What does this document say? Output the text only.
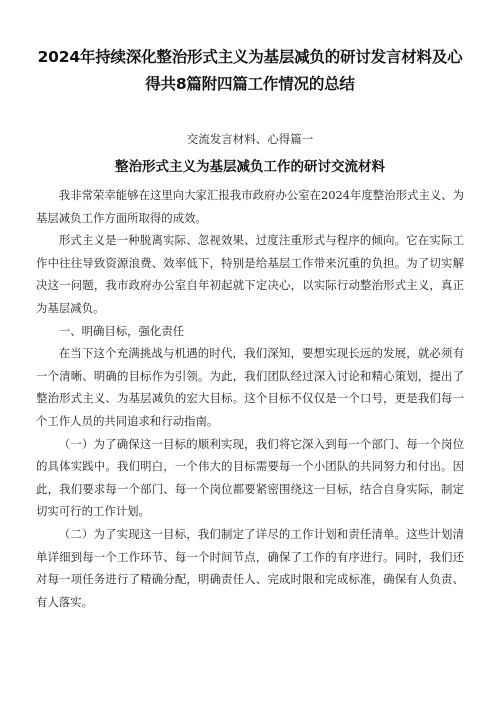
2024年持续深化整治形式主义为基层减负的研讨发言材料及心得共8篇附四篇工作情况的总结
交流发言材料、心得篇一
整治形式主义为基层减负工作的研讨交流材料

我非常荣幸能够在这里向大家汇报我市政府办公室在2024年度整治形式主义、为基层减负工作方面所取得的成效。

形式主义是一种脱离实际、忽视效果、过度注重形式与程序的倾向。它在实际工作中往往导致资源浪费、效率低下，特别是给基层工作带来沉重的负担。为了切实解决这一问题，我市政府办公室自年初起就下定决心，以实际行动整治形式主义，真正为基层减负。

一、明确目标，强化责任

在当下这个充满挑战与机遇的时代，我们深知，要想实现长远的发展，就必须有一个清晰、明确的目标作为引领。为此，我们团队经过深入讨论和精心策划，提出了整治形式主义、为基层减负的宏大目标。这个目标不仅仅是一个口号，更是我们每一个工作人员的共同追求和行动指南。

（一）为了确保这一目标的顺利实现，我们将它深入到每一个部门、每一个岗位的具体实践中。我们明白，一个伟大的目标需要每一个小团队的共同努力和付出。因此，我们要求每一个部门、每一个岗位都要紧密围绕这一目标，结合自身实际，制定切实可行的工作计划。

（二）为了实现这一目标，我们制定了详尽的工作计划和责任清单。这些计划清单详细到每一个工作环节、每一个时间节点，确保了工作的有序进行。同时，我们还对每一项任务进行了精确分配，明确责任人、完成时限和完成标准，确保有人负责、有人落实。
